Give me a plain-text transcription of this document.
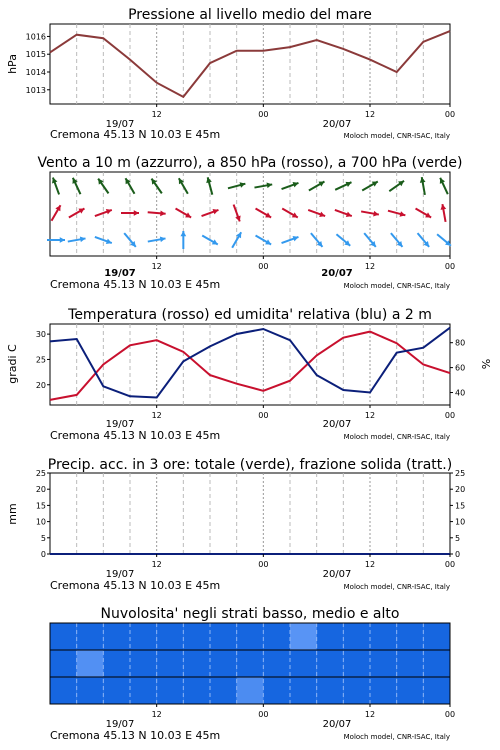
Pressione al livello medio del mare
1013
1014
1015
1016
hPa
12	00	12	00
19/07	20/07
Cremona 45.13 N 10.03 E 45m	Moloch model, CNR-ISAC, Italy
Vento a 10 m (azzurro), a 850 hPa (rosso), a 700 hPa (verde)
12	00	12	00
19/07	20/07
Cremona 45.13 N 10.03 E 45m	Moloch model, CNR-ISAC, Italy
Temperatura (rosso) ed umidita' relativa (blu) a 2 m
20
25
30
40
60
80
gradi C	%
12	00	12	00
19/07	20/07
Cremona 45.13 N 10.03 E 45m	Moloch model, CNR-ISAC, Italy
Precip. acc. in 3 ore: totale (verde), frazione solida (tratt.)
0
5
10
15
20
25
0
5
10
15
20
25
mm
12	00	12	00
19/07	20/07
Cremona 45.13 N 10.03 E 45m	Moloch model, CNR-ISAC, Italy
Nuvolosita' negli strati basso, medio e alto
12	00	12	00
19/07	20/07
Cremona 45.13 N 10.03 E 45m	Moloch model, CNR-ISAC, Italy
